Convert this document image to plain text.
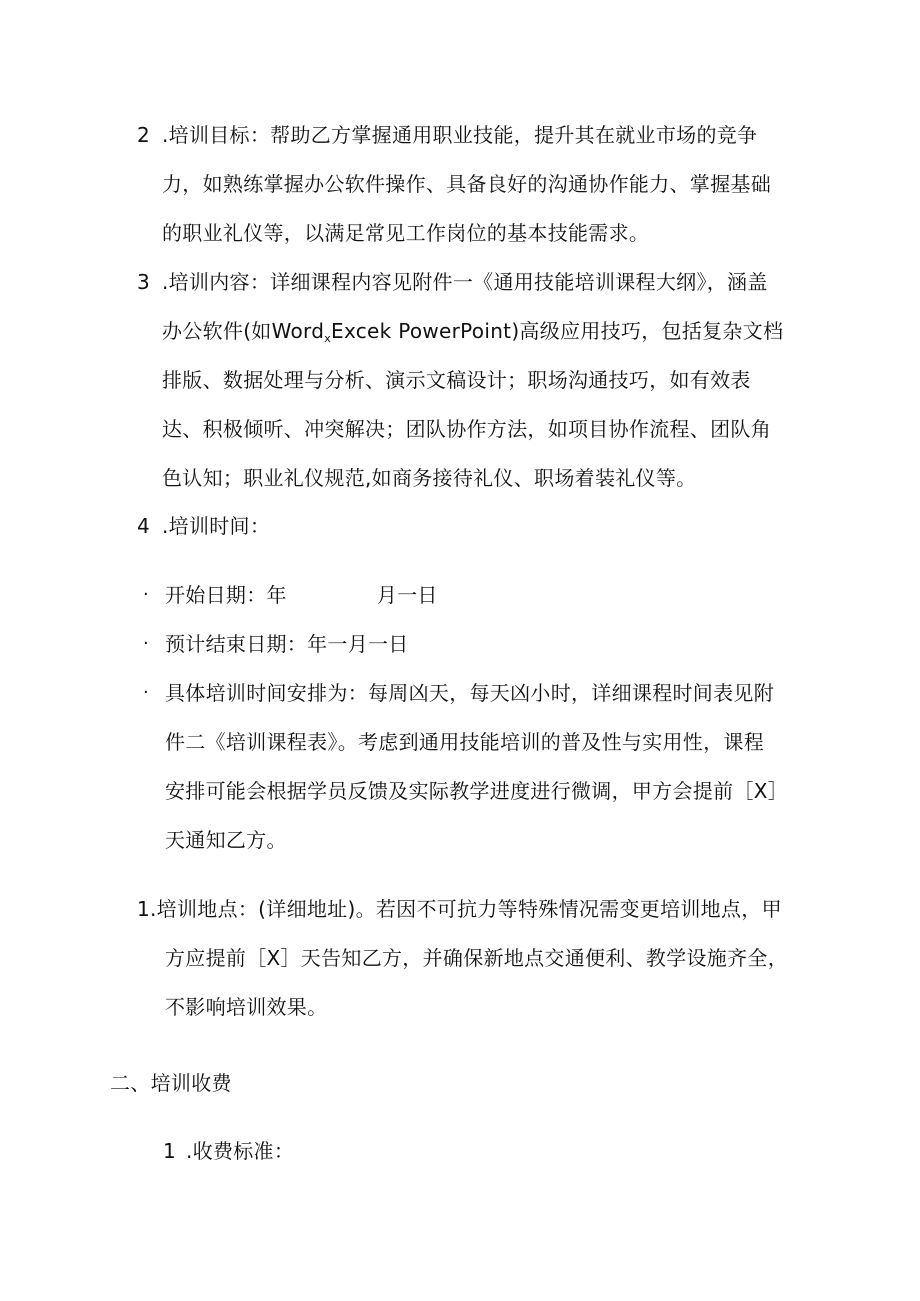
2 .培训目标：帮助乙方掌握通用职业技能，提升其在就业市场的竞争
力，如熟练掌握办公软件操作、具备良好的沟通协作能力、掌握基础
的职业礼仪等，以满足常见工作岗位的基本技能需求。
3 .培训内容：详细课程内容见附件一《通用技能培训课程大纲》，涵盖
办公软件(如Word$_x$Excek PowerPoint)高级应用技巧，包括复杂文档
排版、数据处理与分析、演示文稿设计；职场沟通技巧，如有效表
达、积极倾听、冲突解决；团队协作方法，如项目协作流程、团队角
色认知；职业礼仪规范,如商务接待礼仪、职场着装礼仪等。
4 .培训时间：
· 开始日期：年	月一日
· 预计结束日期：年一月一日
· 具体培训时间安排为：每周凶天，每天凶小时，详细课程时间表见附
件二《培训课程表》。考虑到通用技能培训的普及性与实用性，课程
安排可能会根据学员反馈及实际教学进度进行微调，甲方会提前［X］
天通知乙方。
1.培训地点：(详细地址)。若因不可抗力等特殊情况需变更培训地点，甲
方应提前［X］天告知乙方，并确保新地点交通便利、教学设施齐全，
不影响培训效果。
二、培训收费
1 .收费标准：
